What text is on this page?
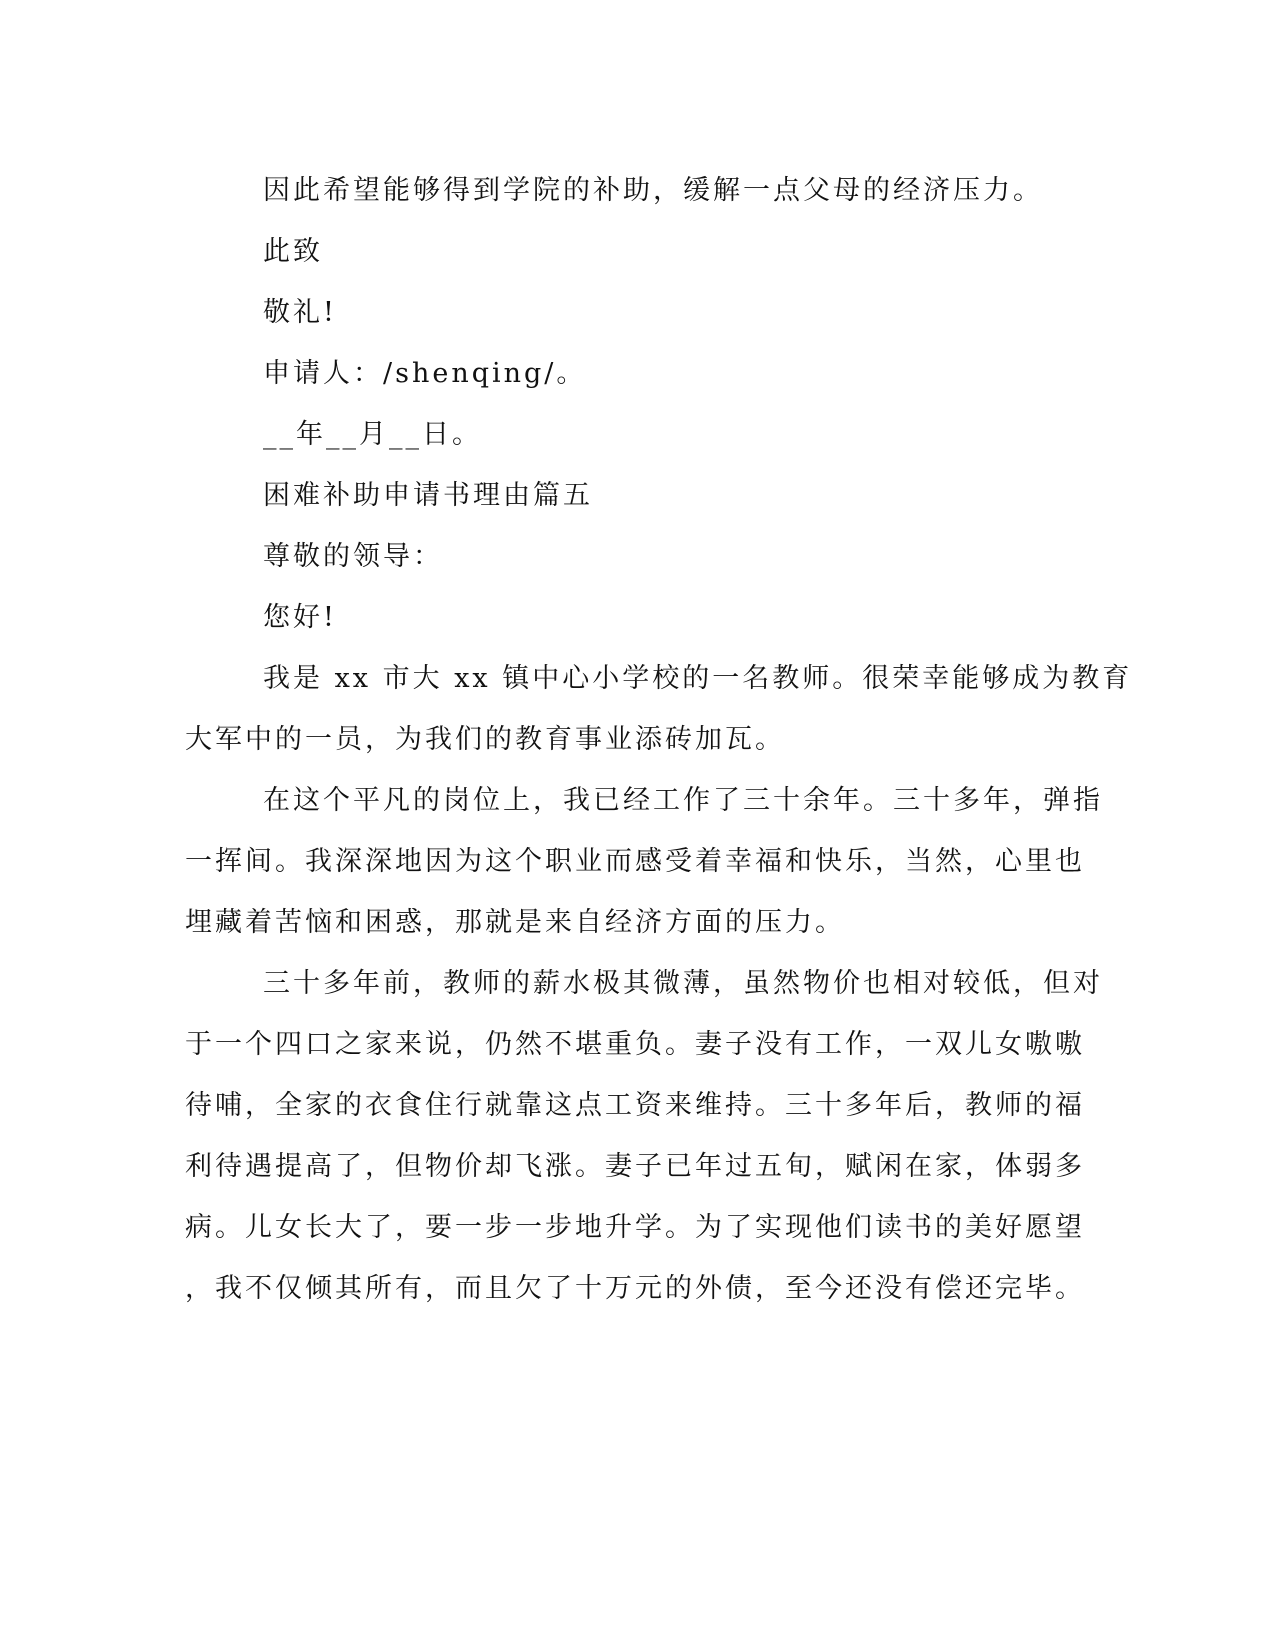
因此希望能够得到学院的补助，缓解一点父母的经济压力。

此致

敬礼!

申请人：/shenqing/。

__年__月__日。

困难补助申请书理由篇五

尊敬的领导：

您好!

我是 xx 市大 xx 镇中心小学校的一名教师。很荣幸能够成为教育

大军中的一员，为我们的教育事业添砖加瓦。

在这个平凡的岗位上，我已经工作了三十余年。三十多年，弹指

一挥间。我深深地因为这个职业而感受着幸福和快乐，当然，心里也

埋藏着苦恼和困惑，那就是来自经济方面的压力。

三十多年前，教师的薪水极其微薄，虽然物价也相对较低，但对

于一个四口之家来说，仍然不堪重负。妻子没有工作，一双儿女嗷嗷

待哺，全家的衣食住行就靠这点工资来维持。三十多年后，教师的福

利待遇提高了，但物价却飞涨。妻子已年过五旬，赋闲在家，体弱多

病。儿女长大了，要一步一步地升学。为了实现他们读书的美好愿望

，我不仅倾其所有，而且欠了十万元的外债，至今还没有偿还完毕。
